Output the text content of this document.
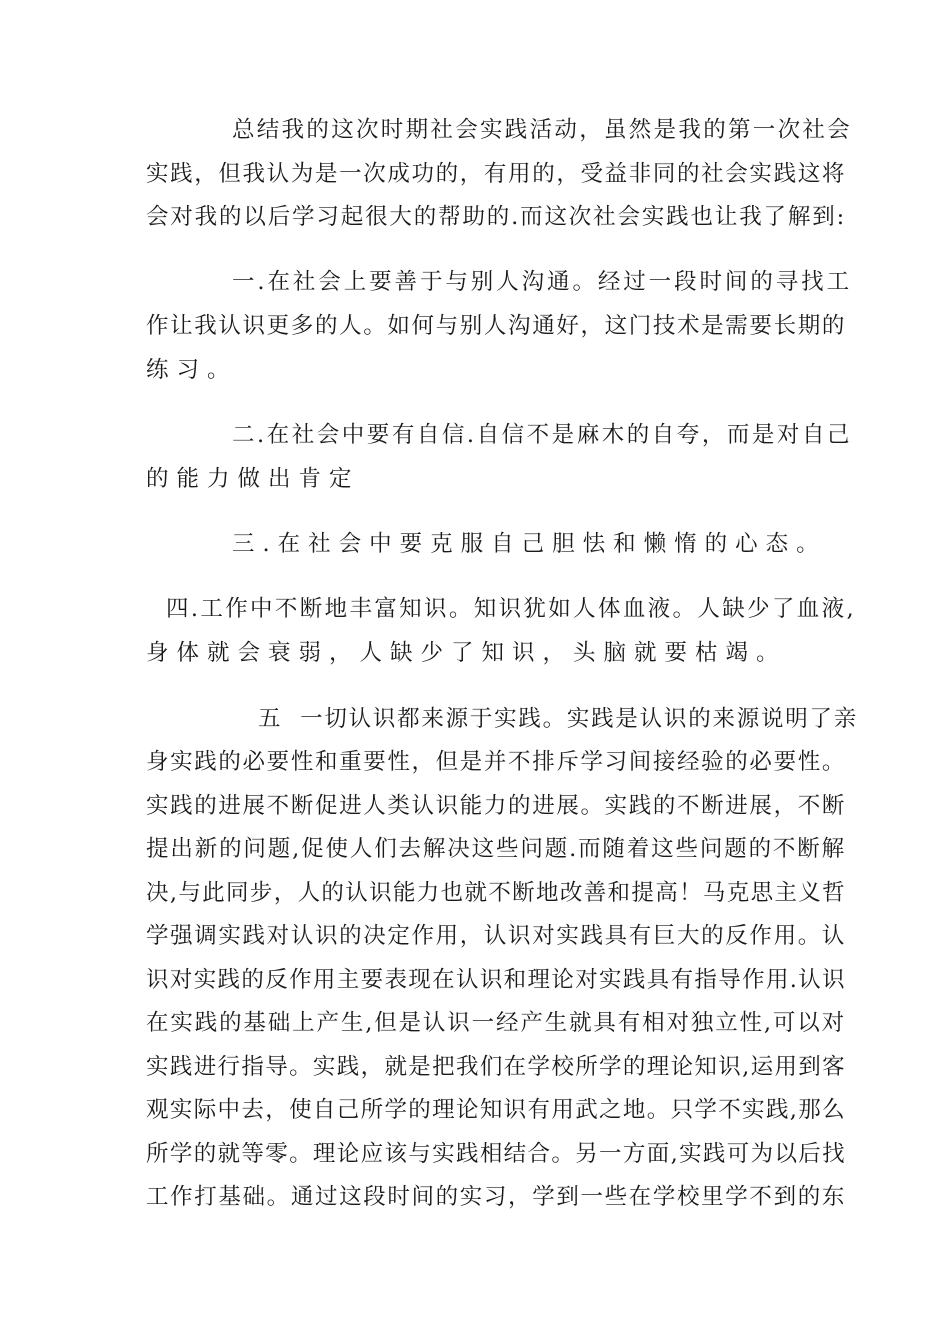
总结我的这次时期社会实践活动，虽然是我的第一次社会
实践，但我认为是一次成功的，有用的，受益非同的社会实践这将
会对我的以后学习起很大的帮助的.而这次社会实践也让我了解到:
一.在社会上要善于与别人沟通。经过一段时间的寻找工
作让我认识更多的人。如何与别人沟通好，这门技术是需要长期的
练习。
二.在社会中要有自信.自信不是麻木的自夸，而是对自己
的能力做出肯定
三.在社会中要克服自己胆怯和懒惰的心态。
四.工作中不断地丰富知识。知识犹如人体血液。人缺少了血液,
身体就会衰弱，人缺少了知识，头脑就要枯竭。
五  一切认识都来源于实践。实践是认识的来源说明了亲
身实践的必要性和重要性，但是并不排斥学习间接经验的必要性。
实践的进展不断促进人类认识能力的进展。实践的不断进展，不断
提出新的问题,促使人们去解决这些问题.而随着这些问题的不断解
决,与此同步，人的认识能力也就不断地改善和提高！马克思主义哲
学强调实践对认识的决定作用，认识对实践具有巨大的反作用。认
识对实践的反作用主要表现在认识和理论对实践具有指导作用.认识
在实践的基础上产生,但是认识一经产生就具有相对独立性,可以对
实践进行指导。实践，就是把我们在学校所学的理论知识,运用到客
观实际中去，使自己所学的理论知识有用武之地。只学不实践,那么
所学的就等零。理论应该与实践相结合。另一方面,实践可为以后找
工作打基础。通过这段时间的实习，学到一些在学校里学不到的东
